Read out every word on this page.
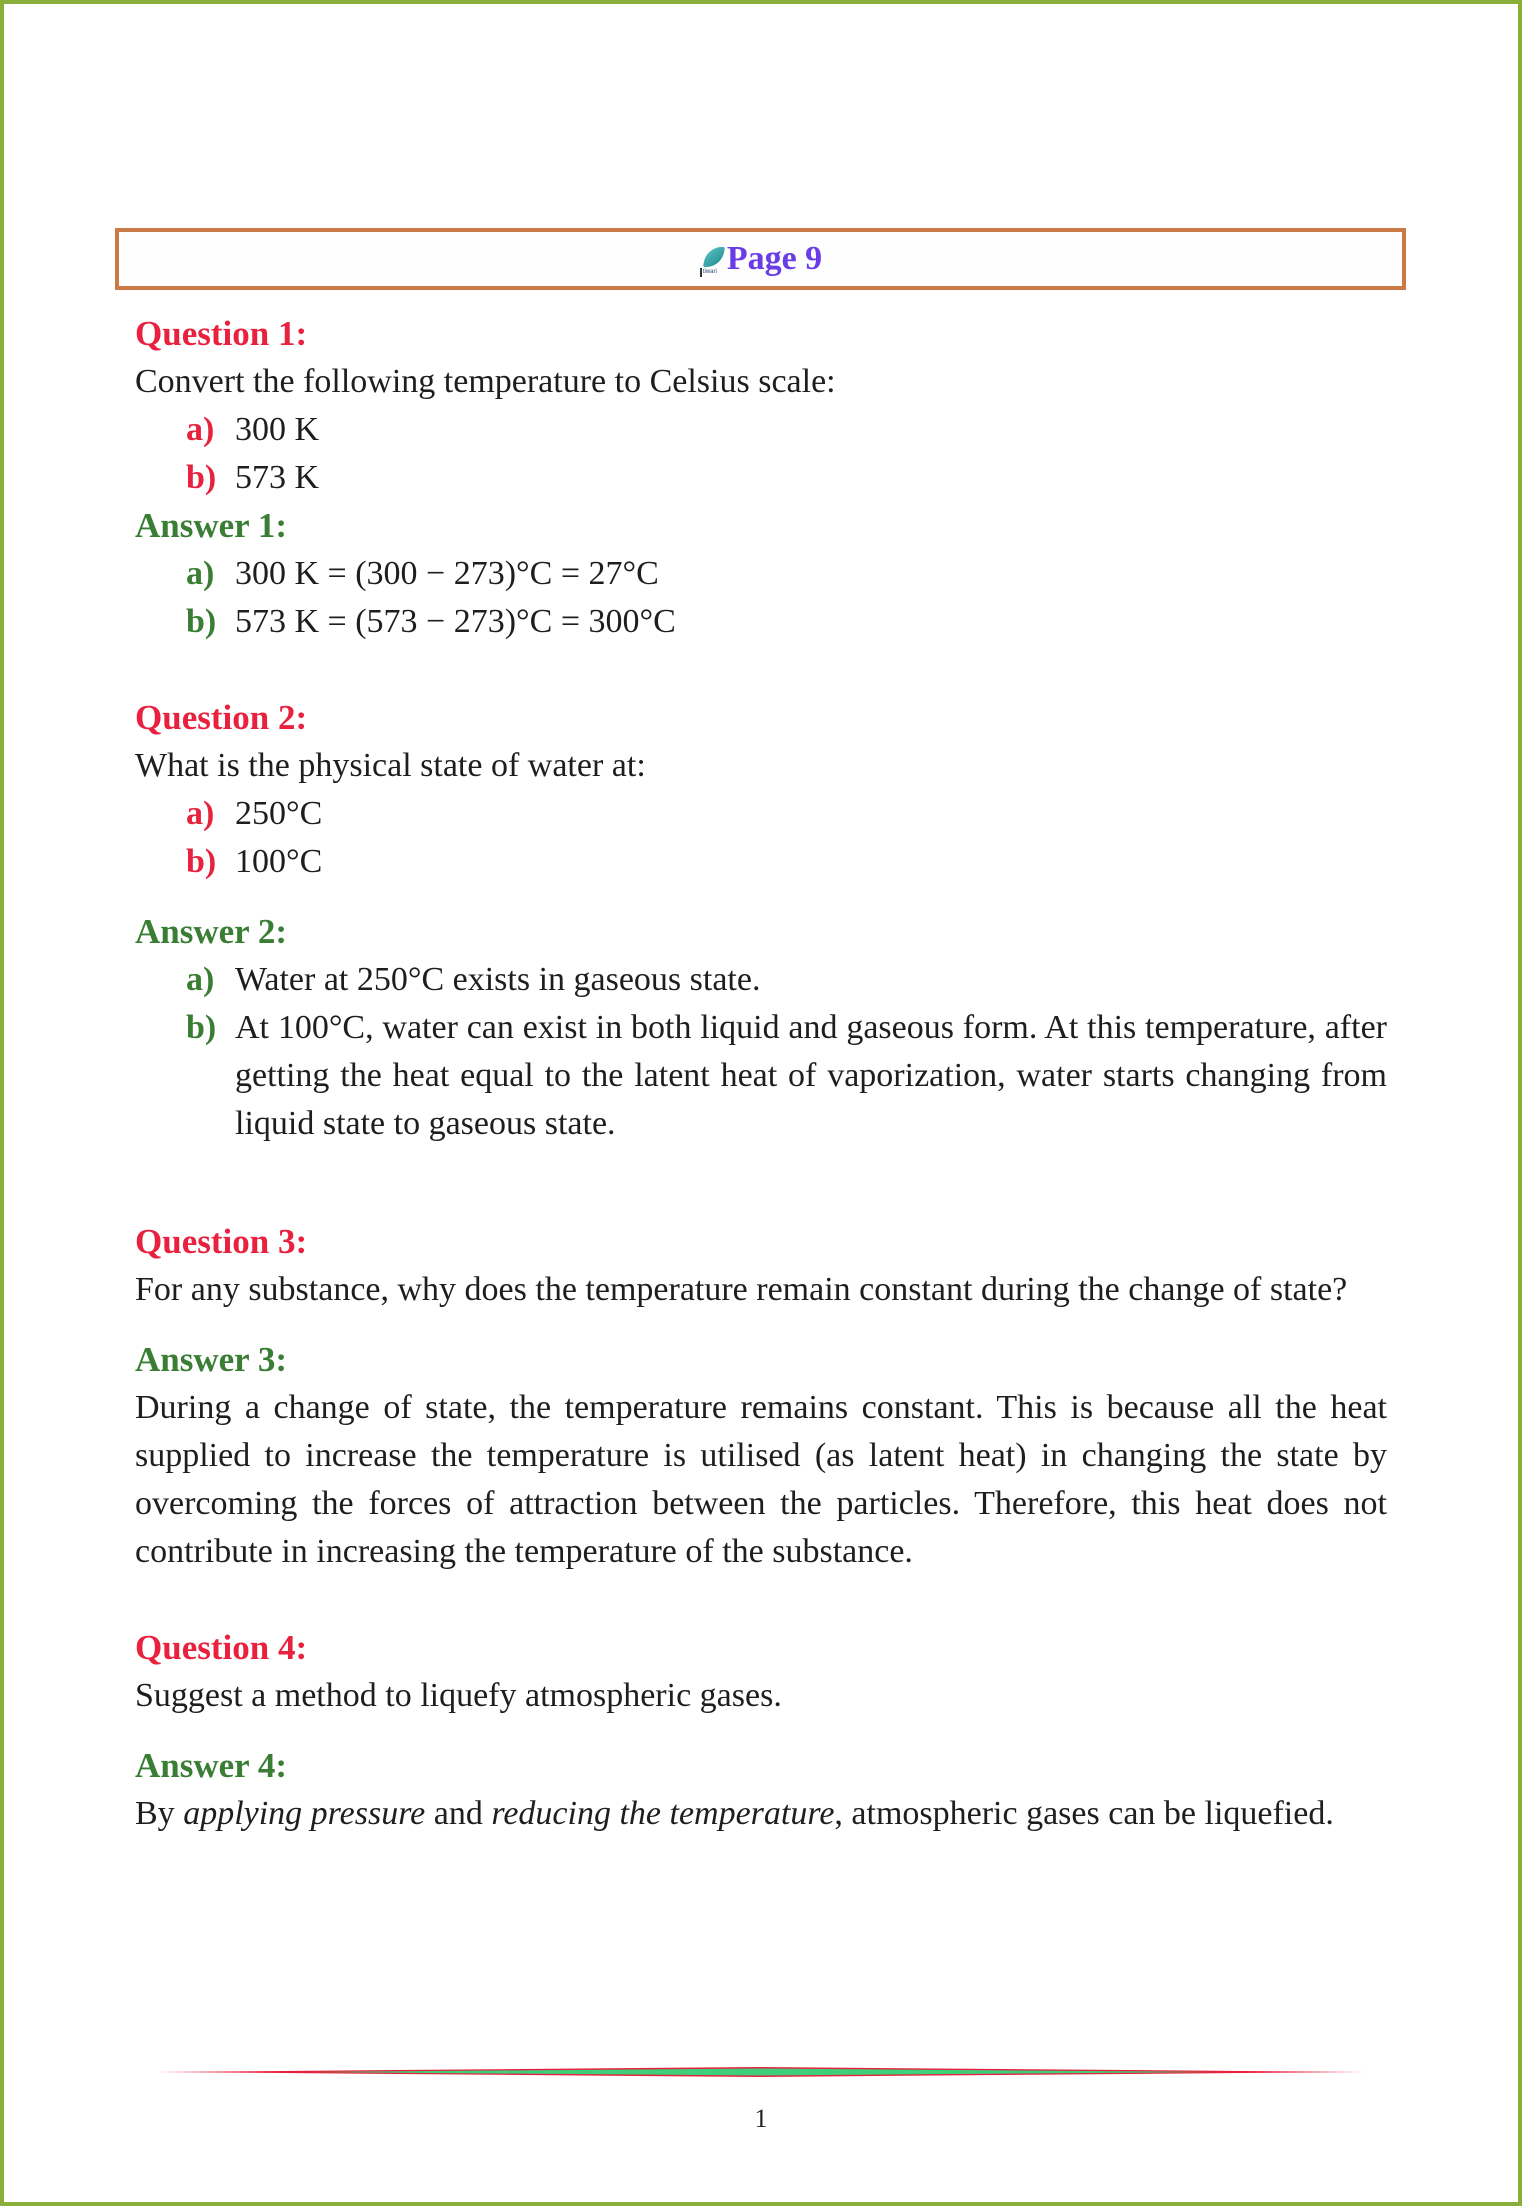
tiwari Page 9
Question 1:
Convert the following temperature to Celsius scale:
a) 300 K
b) 573 K
Answer 1:
a) 300 K = (300 − 273)°C = 27°C
b) 573 K = (573 − 273)°C = 300°C
Question 2:
What is the physical state of water at:
a) 250°C
b) 100°C
Answer 2:
a) Water at 250°C exists in gaseous state.
b) At 100°C, water can exist in both liquid and gaseous form. At this temperature, after getting the heat equal to the latent heat of vaporization, water starts changing from liquid state to gaseous state.
Question 3:
For any substance, why does the temperature remain constant during the change of state?
Answer 3:
During a change of state, the temperature remains constant. This is because all the heat supplied to increase the temperature is utilised (as latent heat) in changing the state by overcoming the forces of attraction between the particles. Therefore, this heat does not contribute in increasing the temperature of the substance.
Question 4:
Suggest a method to liquefy atmospheric gases.
Answer 4:
By applying pressure and reducing the temperature, atmospheric gases can be liquefied.
1
